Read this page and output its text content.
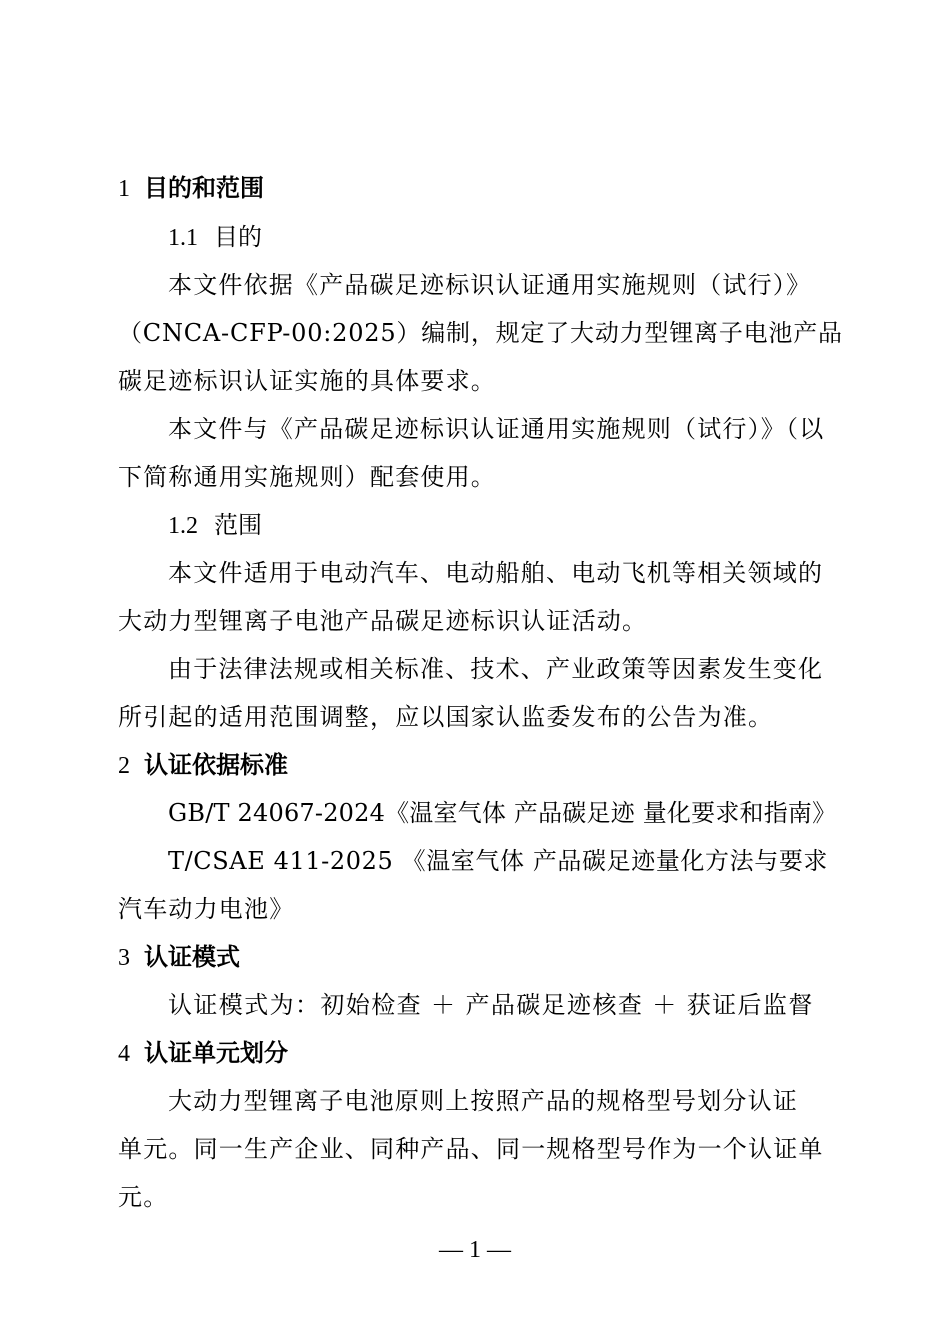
1 目的和范围
1.1 目的
本文件依据《产品碳足迹标识认证通用实施规则（试行）》
（CNCA-CFP-00:2025）编制，规定了大动力型锂离子电池产品
碳足迹标识认证实施的具体要求。
本文件与《产品碳足迹标识认证通用实施规则（试行）》（以
下简称通用实施规则）配套使用。
1.2 范围
本文件适用于电动汽车、电动船舶、电动飞机等相关领域的
大动力型锂离子电池产品碳足迹标识认证活动。
由于法律法规或相关标准、技术、产业政策等因素发生变化
所引起的适用范围调整，应以国家认监委发布的公告为准。
2 认证依据标准
GB/T 24067-2024《温室气体 产品碳足迹 量化要求和指南》
T/CSAE 411-2025 《温室气体 产品碳足迹量化方法与要求
汽车动力电池》
3 认证模式
认证模式为：初始检查 ＋ 产品碳足迹核查 ＋ 获证后监督
4 认证单元划分
大动力型锂离子电池原则上按照产品的规格型号划分认证
单元。同一生产企业、同种产品、同一规格型号作为一个认证单
元。
— 1 —
